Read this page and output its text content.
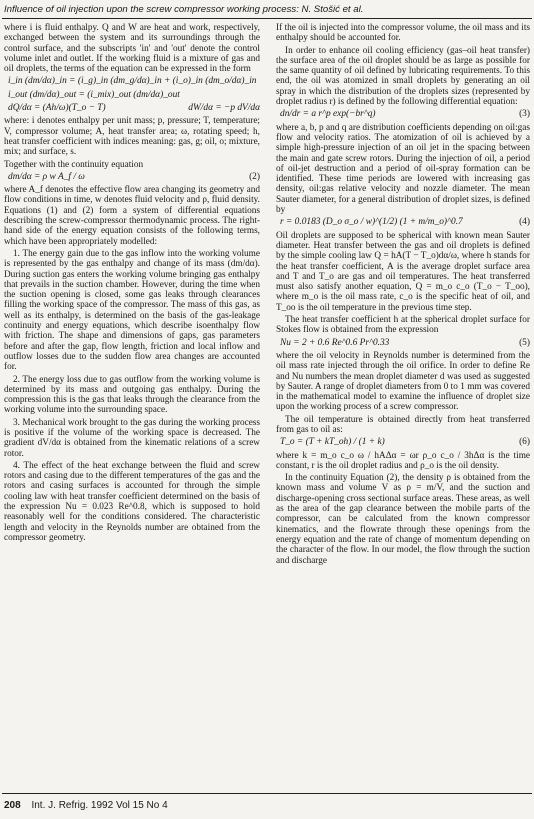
Influence of oil injection upon the screw compressor working process: N. Stošić et al.

where i is fluid enthalpy. Q and W are heat and work, respectively, exchanged between the system and its surroundings through the control surface, and the subscripts 'in' and 'out' denote the control volume inlet and outlet. If the working fluid is a mixture of gas and oil droplets, the terms of the equation can be expressed in the form

i_in (dm/dα)_in = (i_g)_in (dm_g/dα)_in + (i_o)_in (dm_o/dα)_in
i_out (dm/dα)_out = (i_mix)_out (dm/dα)_out
dQ/dα = (Ah/ω)(T_o − T)	dW/dα = −p dV/dα

where: i denotes enthalpy per unit mass; p, pressure; T, temperature; V, compressor volume; A, heat transfer area; ω, rotating speed; h, heat transfer coefficient with indices meaning: gas, g; oil, o; mixture, mix; and surface, s.

Together with the continuity equation

dm/dα = ρ w A_f / ω	(2)

where A_f denotes the effective flow area changing its geometry and flow conditions in time, w denotes fluid velocity and ρ, fluid density. Equations (1) and (2) form a system of differential equations describing the screw-compressor thermodynamic process. The right-hand side of the energy equation consists of the following terms, which have been appropriately modelled:

1. The energy gain due to the gas inflow into the working volume is represented by the gas enthalpy and change of its mass (dm/dα). During suction gas enters the working volume bringing gas enthalpy that prevails in the suction chamber. However, during the time when the suction opening is closed, some gas leaks through clearances filling the working space of the compressor. The mass of this gas, as well as its enthalpy, is determined on the basis of the gas-leakage continuity and energy equations, which describe isoenthalpy flow with friction. The shape and dimensions of gaps, gas parameters before and after the gap, flow length, friction and local inflow and outflow losses due to the sudden flow area changes are accounted for.

2. The energy loss due to gas outflow from the working volume is determined by its mass and outgoing gas enthalpy. During the compression this is the gas that leaks through the clearance from the working volume into the surrounding space.

3. Mechanical work brought to the gas during the working process is positive if the volume of the working space is decreased. The gradient dV/dα is obtained from the kinematic relations of a screw rotor.

4. The effect of the heat exchange between the fluid and screw rotors and casing due to the different temperatures of the gas and the rotors and casing surfaces is accounted for through the simple cooling law with heat transfer coefficient determined on the basis of the expression Nu = 0.023 Re^0.8, which is supposed to hold reasonably well for the conditions considered. The characteristic length and velocity in the Reynolds number are obtained from the compressor geometry.

If the oil is injected into the compressor volume, the oil mass and its enthalpy should be accounted for.

In order to enhance oil cooling efficiency (gas–oil heat transfer) the surface area of the oil droplet should be as large as possible for the same quantity of oil defined by lubricating requirements. To this end, the oil was atomized in small droplets by generating an oil spray in which the distribution of the droplets sizes (represented by droplet radius r) is defined by the following differential equation:

dn/dr = a r^p exp(−br^q)	(3)

where a, b, p and q are distribution coefficients depending on oil:gas flow and velocity ratios. The atomization of oil is achieved by a simple high-pressure injection of an oil jet in the spacing between the main and gate screw rotors. During the injection of oil, a period of oil-jet destruction and a period of oil-spray formation can be identified. These time periods are lowered with increasing gas density, oil:gas relative velocity and nozzle diameter. The mean Sauter diameter, for a general distribution of droplet sizes, is defined by

r = 0.0183 (D_o σ_o / w)^(1/2) (1 + m/m_o)^0.7	(4)

Oil droplets are supposed to be spherical with known mean Sauter diameter. Heat transfer between the gas and oil droplets is defined by the simple cooling law Q = hA(T − T_o)dα/ω, where h stands for the heat transfer coefficient, A is the average droplet surface area and T and T_o are gas and oil temperatures. The heat transferred must also satisfy another equation, Q = m_o c_o (T_o − T_oo), where m_o is the oil mass rate, c_o is the specific heat of oil, and T_oo is the oil temperature in the previous time step.

The heat transfer coefficient h at the spherical droplet surface for Stokes flow is obtained from the expression

Nu = 2 + 0.6 Re^0.6 Pr^0.33	(5)

where the oil velocity in Reynolds number is determined from the oil mass rate injected through the oil orifice. In order to define Re and Nu numbers the mean droplet diameter d was used as suggested by Sauter. A range of droplet diameters from 0 to 1 mm was covered in the mathematical model to examine the influence of droplet size upon the working process of a screw compressor.

The oil temperature is obtained directly from heat transferred from gas to oil as:

T_o = (T + kT_oh) / (1 + k)	(6)

where k = m_o c_o ω / hAΔα = ωr ρ_o c_o / 3hΔα is the time constant, r is the oil droplet radius and ρ_o is the oil density.

In the continuity Equation (2), the density ρ is obtained from the known mass and volume V as ρ = m/V, and the suction and discharge-opening cross sectional surface areas. These areas, as well as the area of the gap clearance between the mobile parts of the compressor, can be calculated from the known compressor kinematics, and the flowrate through these openings from the energy equation and the rate of change of momentum depending on the character of the flow. In our model, the flow through the suction and discharge

208 Int. J. Refrig. 1992 Vol 15 No 4
